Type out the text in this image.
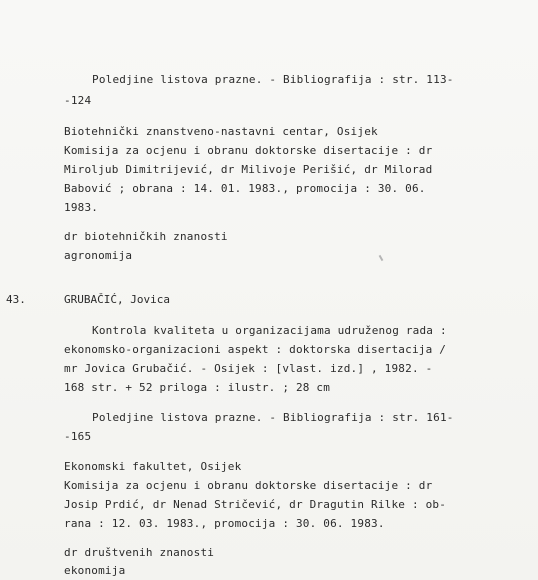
Poledjine listova prazne. - Bibliografija : str. 113-
-124
Biotehnički znanstveno-nastavni centar, Osijek
Komisija za ocjenu i obranu doktorske disertacije : dr
Miroljub Dimitrijević, dr Milivoje Perišić, dr Milorad
Babović ; obrana : 14. 01. 1983., promocija : 30. 06.
1983.
dr biotehničkih znanosti
agronomija
43.	GRUBAČIĆ, Jovica
Kontrola kvaliteta u organizacijama udruženog rada :
ekonomsko-organizacioni aspekt : doktorska disertacija /
mr Jovica Grubačić. - Osijek : [vlast. izd.] , 1982. -
168 str. + 52 priloga : ilustr. ; 28 cm
Poledjine listova prazne. - Bibliografija : str. 161-
-165
Ekonomski fakultet, Osijek
Komisija za ocjenu i obranu doktorske disertacije : dr
Josip Prdić, dr Nenad Stričević, dr Dragutin Rilke : ob-
rana : 12. 03. 1983., promocija : 30. 06. 1983.
dr društvenih znanosti
ekonomija
